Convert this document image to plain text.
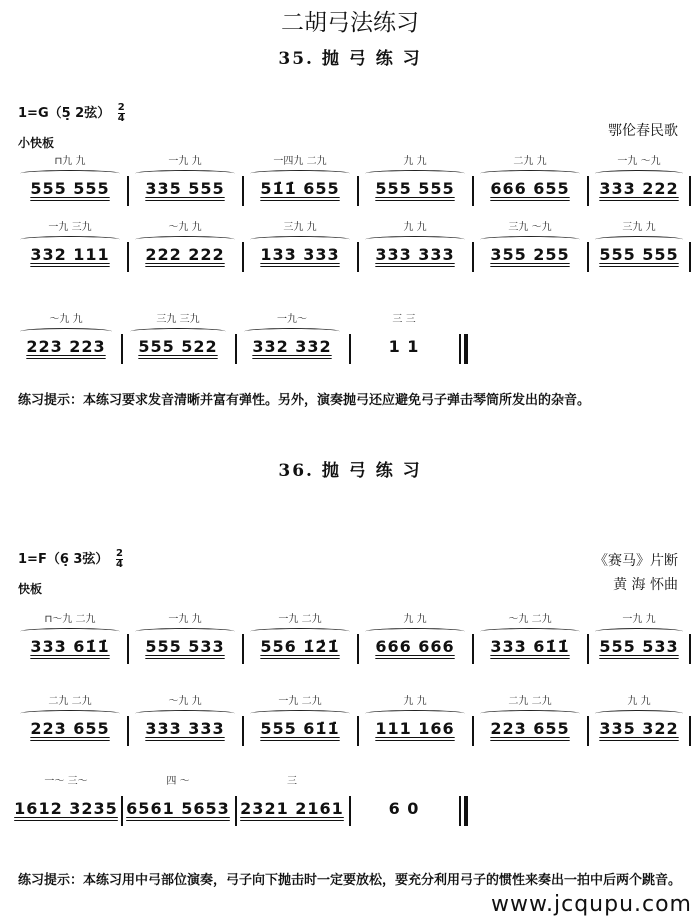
二胡弓法练习
35. 抛 弓 练 习
1=G（5̣ 2弦） $\frac{2}{4}$
小快板
鄂伦春民歌
⊓九 九
555 555
一九 九
335 555
一四九 二九
51̇1̇ 655
九 九
555 555
二九 九
666 655
一九 〜九
333 222
一九 三九
332 111
〜九 九
222 222
三九 九
133 333
九 九
333 333
三九 〜九
355 255
三九 九
555 555
〜九 九
223 223
三九 三九
555 522
一九〜
332 332
三 三
1 1
练习提示：本练习要求发音清晰并富有弹性。另外，演奏抛弓还应避免弓子弹击琴筒所发出的杂音。
36. 抛 弓 练 习
1=F（6̣ 3弦） $\frac{2}{4}$
快板
《赛马》片断
黄 海 怀曲
⊓〜九 二九
333 61̇1̇
一九 九
555 533
一九 二九
556 1̇2̇1̇
九 九
666 666
〜九 二九
333 61̇1̇
一九 九
555 533
二九 二九
223 655
〜九 九
333 333
一九 二九
555 61̇1̇
九 九
111 166
二九 二九
223 655
九 九
335 322
一〜 三〜
1612 3235
四 〜
6561 5653
三
2321 2161	6 0
练习提示：本练习用中弓部位演奏，弓子向下抛击时一定要放松，要充分利用弓子的惯性来奏出一拍中后两个跳音。
www.jcqupu.com
